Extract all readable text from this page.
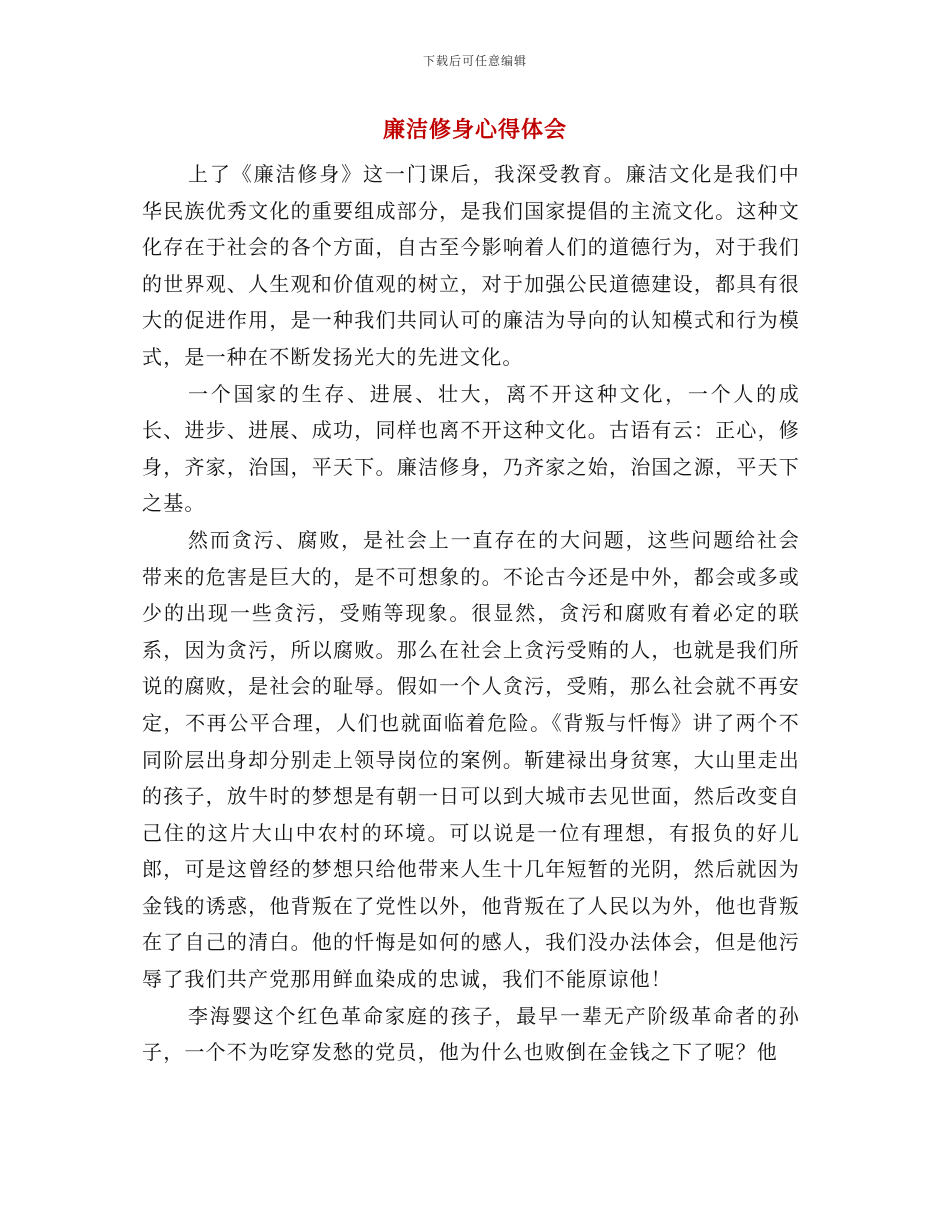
下载后可任意编辑
廉洁修身心得体会

上了《廉洁修身》这一门课后，我深受教育。廉洁文化是我们中华民族优秀文化的重要组成部分，是我们国家提倡的主流文化。这种文化存在于社会的各个方面，自古至今影响着人们的道德行为，对于我们的世界观、人生观和价值观的树立，对于加强公民道德建设，都具有很大的促进作用，是一种我们共同认可的廉洁为导向的认知模式和行为模式，是一种在不断发扬光大的先进文化。

一个国家的生存、进展、壮大，离不开这种文化，一个人的成长、进步、进展、成功，同样也离不开这种文化。古语有云：正心，修身，齐家，治国，平天下。廉洁修身，乃齐家之始，治国之源，平天下之基。

然而贪污、腐败，是社会上一直存在的大问题，这些问题给社会带来的危害是巨大的，是不可想象的。不论古今还是中外，都会或多或少的出现一些贪污，受贿等现象。很显然，贪污和腐败有着必定的联系，因为贪污，所以腐败。那么在社会上贪污受贿的人，也就是我们所说的腐败，是社会的耻辱。假如一个人贪污，受贿，那么社会就不再安定，不再公平合理，人们也就面临着危险。《背叛与忏悔》讲了两个不同阶层出身却分别走上领导岗位的案例。靳建禄出身贫寒，大山里走出的孩子，放牛时的梦想是有朝一日可以到大城市去见世面，然后改变自己住的这片大山中农村的环境。可以说是一位有理想，有报负的好儿郎，可是这曾经的梦想只给他带来人生十几年短暂的光阴，然后就因为金钱的诱惑，他背叛在了党性以外，他背叛在了人民以为外，他也背叛在了自己的清白。他的忏悔是如何的感人，我们没办法体会，但是他污辱了我们共产党那用鲜血染成的忠诚，我们不能原谅他！

李海婴这个红色革命家庭的孩子，最早一辈无产阶级革命者的孙子，一个不为吃穿发愁的党员，他为什么也败倒在金钱之下了呢？他
